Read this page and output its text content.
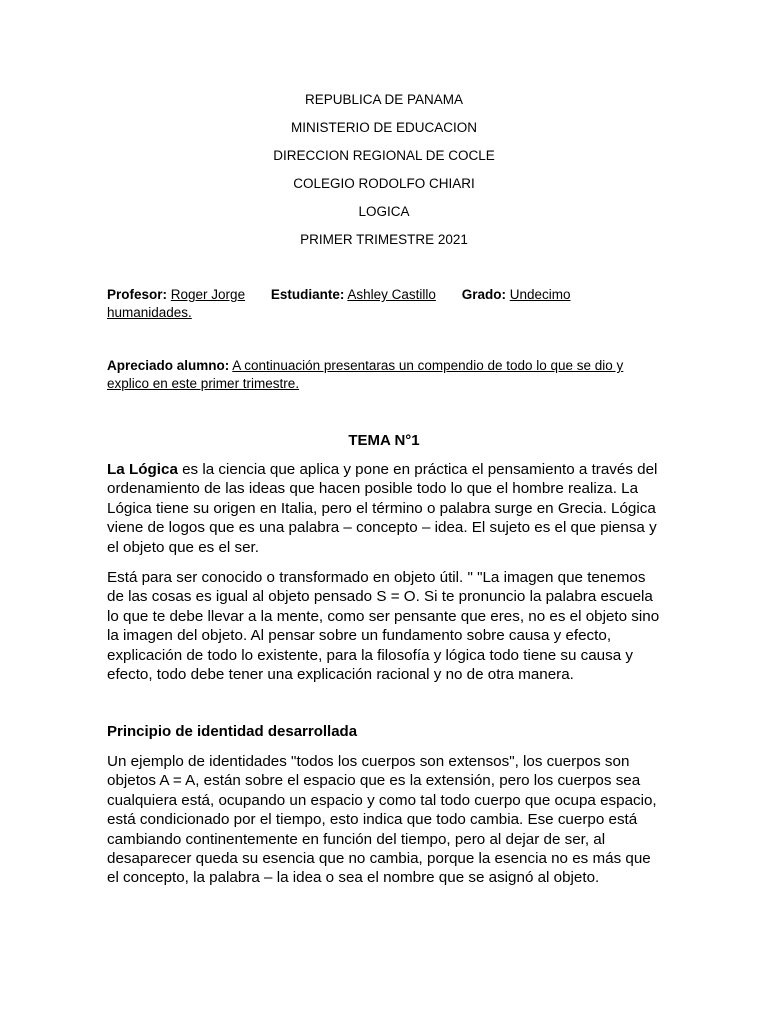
REPUBLICA DE PANAMA
MINISTERIO DE EDUCACION
DIRECCION REGIONAL DE COCLE
COLEGIO RODOLFO CHIARI
LOGICA
PRIMER TRIMESTRE 2021
Profesor: Roger Jorge Estudiante: Ashley Castillo Grado: Undecimo
humanidades.
Apreciado alumno: A continuación presentaras un compendio de todo lo que se dio y explico en este primer trimestre.
TEMA N°1
La Lógica es la ciencia que aplica y pone en práctica el pensamiento a través del ordenamiento de las ideas que hacen posible todo lo que el hombre realiza. La Lógica tiene su origen en Italia, pero el término o palabra surge en Grecia. Lógica viene de logos que es una palabra – concepto – idea. El sujeto es el que piensa y el objeto que es el ser.
Está para ser conocido o transformado en objeto útil. " "La imagen que tenemos de las cosas es igual al objeto pensado S = O. Si te pronuncio la palabra escuela lo que te debe llevar a la mente, como ser pensante que eres, no es el objeto sino la imagen del objeto. Al pensar sobre un fundamento sobre causa y efecto, explicación de todo lo existente, para la filosofía y lógica todo tiene su causa y efecto, todo debe tener una explicación racional y no de otra manera.
Principio de identidad desarrollada
Un ejemplo de identidades "todos los cuerpos son extensos", los cuerpos son objetos A = A, están sobre el espacio que es la extensión, pero los cuerpos sea cualquiera está, ocupando un espacio y como tal todo cuerpo que ocupa espacio, está condicionado por el tiempo, esto indica que todo cambia. Ese cuerpo está cambiando continentemente en función del tiempo, pero al dejar de ser, al desaparecer queda su esencia que no cambia, porque la esencia no es más que el concepto, la palabra – la idea o sea el nombre que se asignó al objeto.
